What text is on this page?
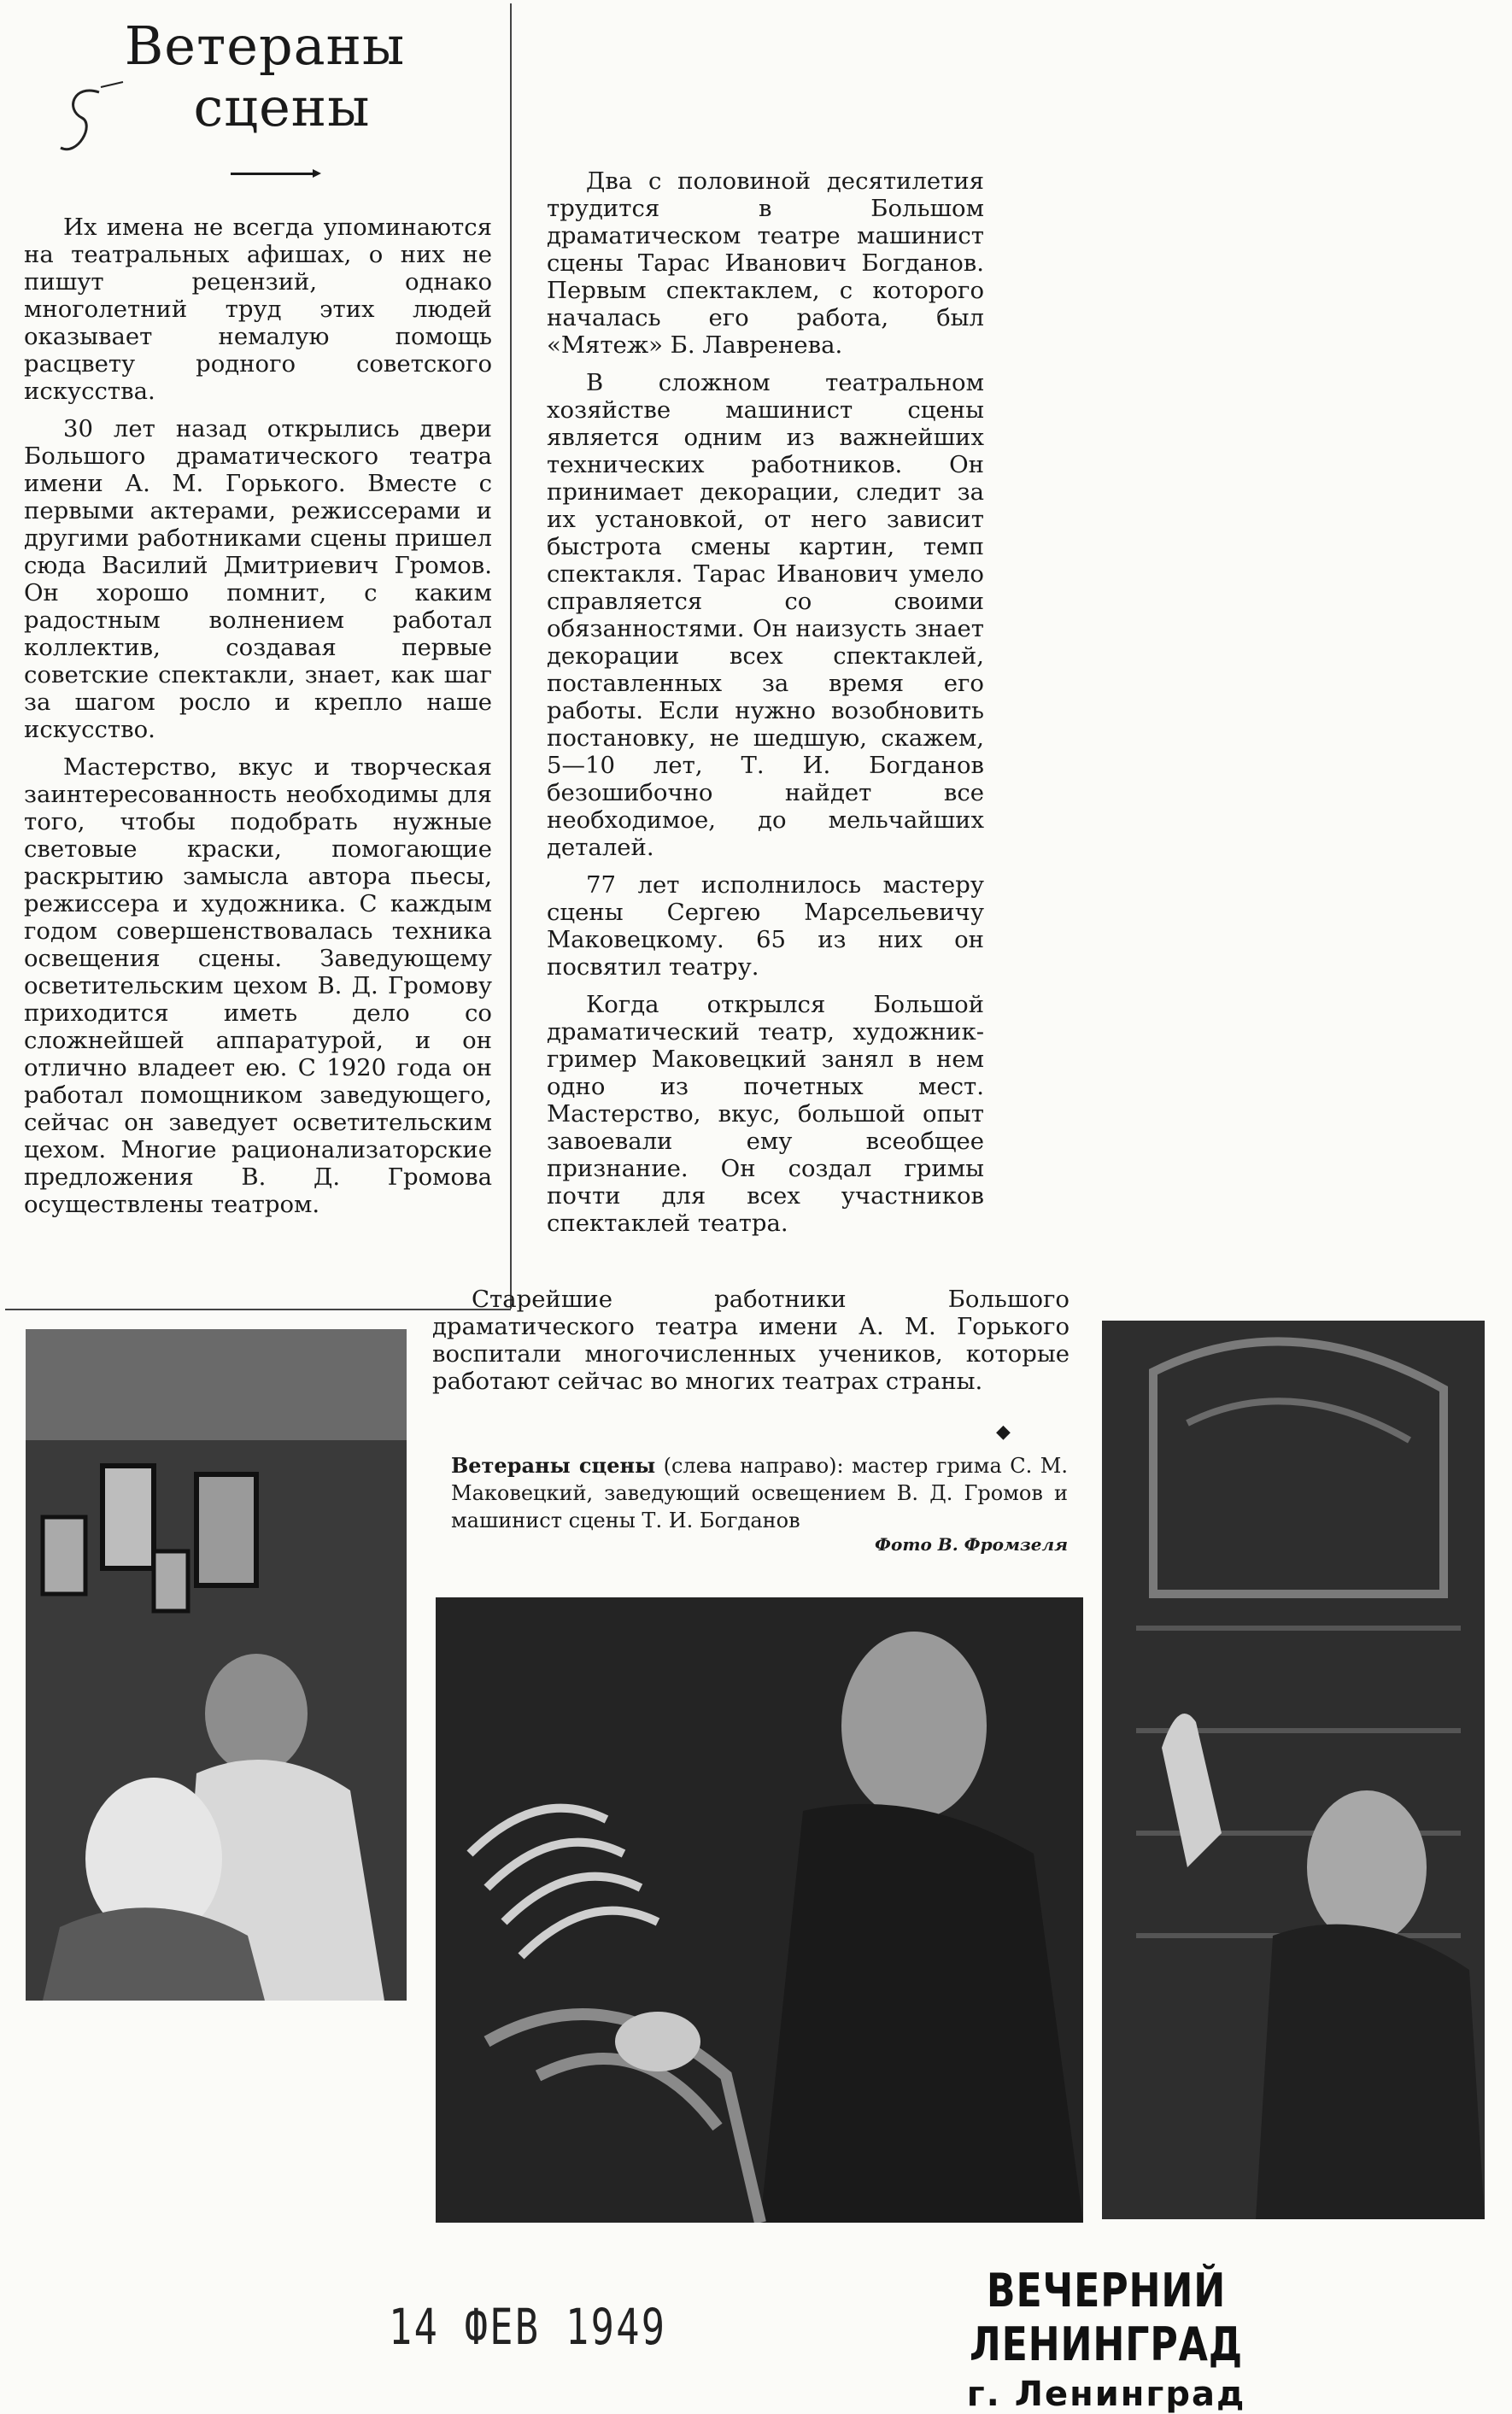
Ветераны
сцены

Их имена не всегда упоминаются на театральных афишах, о них не пишут рецензий, однако многолетний труд этих людей оказывает немалую помощь расцвету родного советского искусства.

30 лет назад открылись двери Большого драматического театра имени А. М. Горького. Вместе с первыми актерами, режиссерами и другими работниками сцены пришел сюда Василий Дмитриевич Громов. Он хорошо помнит, с каким радостным волнением работал коллектив, создавая первые советские спектакли, знает, как шаг за шагом росло и крепло наше искусство.

Мастерство, вкус и творческая заинтересованность необходимы для того, чтобы подобрать нужные световые краски, помогающие раскрытию замысла автора пьесы, режиссера и художника. С каждым годом совершенствовалась техника освещения сцены. Заведующему осветительским цехом В. Д. Громову приходится иметь дело со сложнейшей аппаратурой, и он отлично владеет ею. С 1920 года он работал помощником заведующего, сейчас он заведует осветительским цехом. Многие рационализаторские предложения В. Д. Громова осуществлены театром.

Два с половиной десятилетия трудится в Большом драматическом театре машинист сцены Тарас Иванович Богданов. Первым спектаклем, с которого началась его работа, был «Мятеж» Б. Лавренева.

В сложном театральном хозяйстве машинист сцены является одним из важнейших технических работников. Он принимает декорации, следит за их установкой, от него зависит быстрота смены картин, темп спектакля. Тарас Иванович умело справляется со своими обязанностями. Он наизусть знает декорации всех спектаклей, поставленных за время его работы. Если нужно возобновить постановку, не шедшую, скажем, 5—10 лет, Т. И. Богданов безошибочно найдет все необходимое, до мельчайших деталей.

77 лет исполнилось мастеру сцены Сергею Марсельевичу Маковецкому. 65 из них он посвятил театру.

Когда открылся Большой драматический театр, художник-гример Маковецкий занял в нем одно из почетных мест. Мастерство, вкус, большой опыт завоевали ему всеобщее признание. Он создал гримы почти для всех участников спектаклей театра.

Старейшие работники Большого драматического театра имени А. М. Горького воспитали многочисленных учеников, которые работают сейчас во многих театрах страны.

◆
Ветераны сцены (слева направо): мастер грима С. М. Маковецкий, заведующий освещением В. Д. Громов и машинист сцены Т. И. Богданов
Фото В. Фромзеля
14 ФЕВ 1949
ВЕЧЕРНИЙ ЛЕНИНГРАД
г. Ленинград
